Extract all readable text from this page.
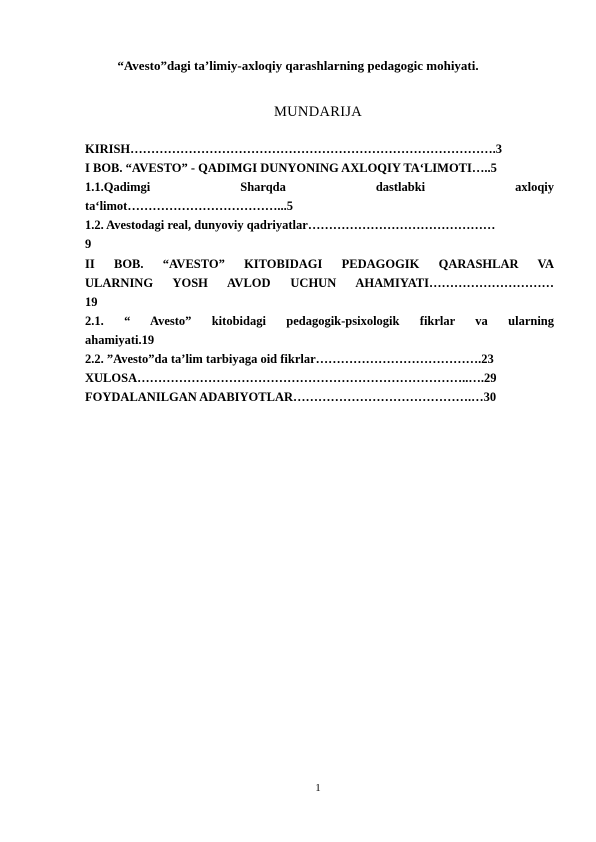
“Avesto”dagi ta’limiy-axloqiy qarashlarning pedagogic mohiyati.
MUNDARIJA
KIRISH…………………………………………………………………………….3
I BOB. “AVESTO” - QADIMGI DUNYONING AXLOQIY TA‘LIMOTI…..5
1.1.Qadimgi Sharqda dastlabki axloqiy
ta‘limot………………………………...5
1.2. Avestodagi real, dunyoviy qadriyatlar………………………………………
9
II BOB. “AVESTO” KITOBIDAGI PEDAGOGIK QARASHLAR VA
ULARNING YOSH AVLOD UCHUN AHAMIYATI…………………………
19
2.1. “ Avesto” kitobidagi pedagogik-psixologik fikrlar va ularning
ahamiyati.19
2.2. ”Avesto”da ta’lim tarbiyaga oid fikrlar………………………………….23
XULOSA……………………………………………………………………..….29
FOYDALANILGAN ADABIYOTLAR…………………………………….…30
1
